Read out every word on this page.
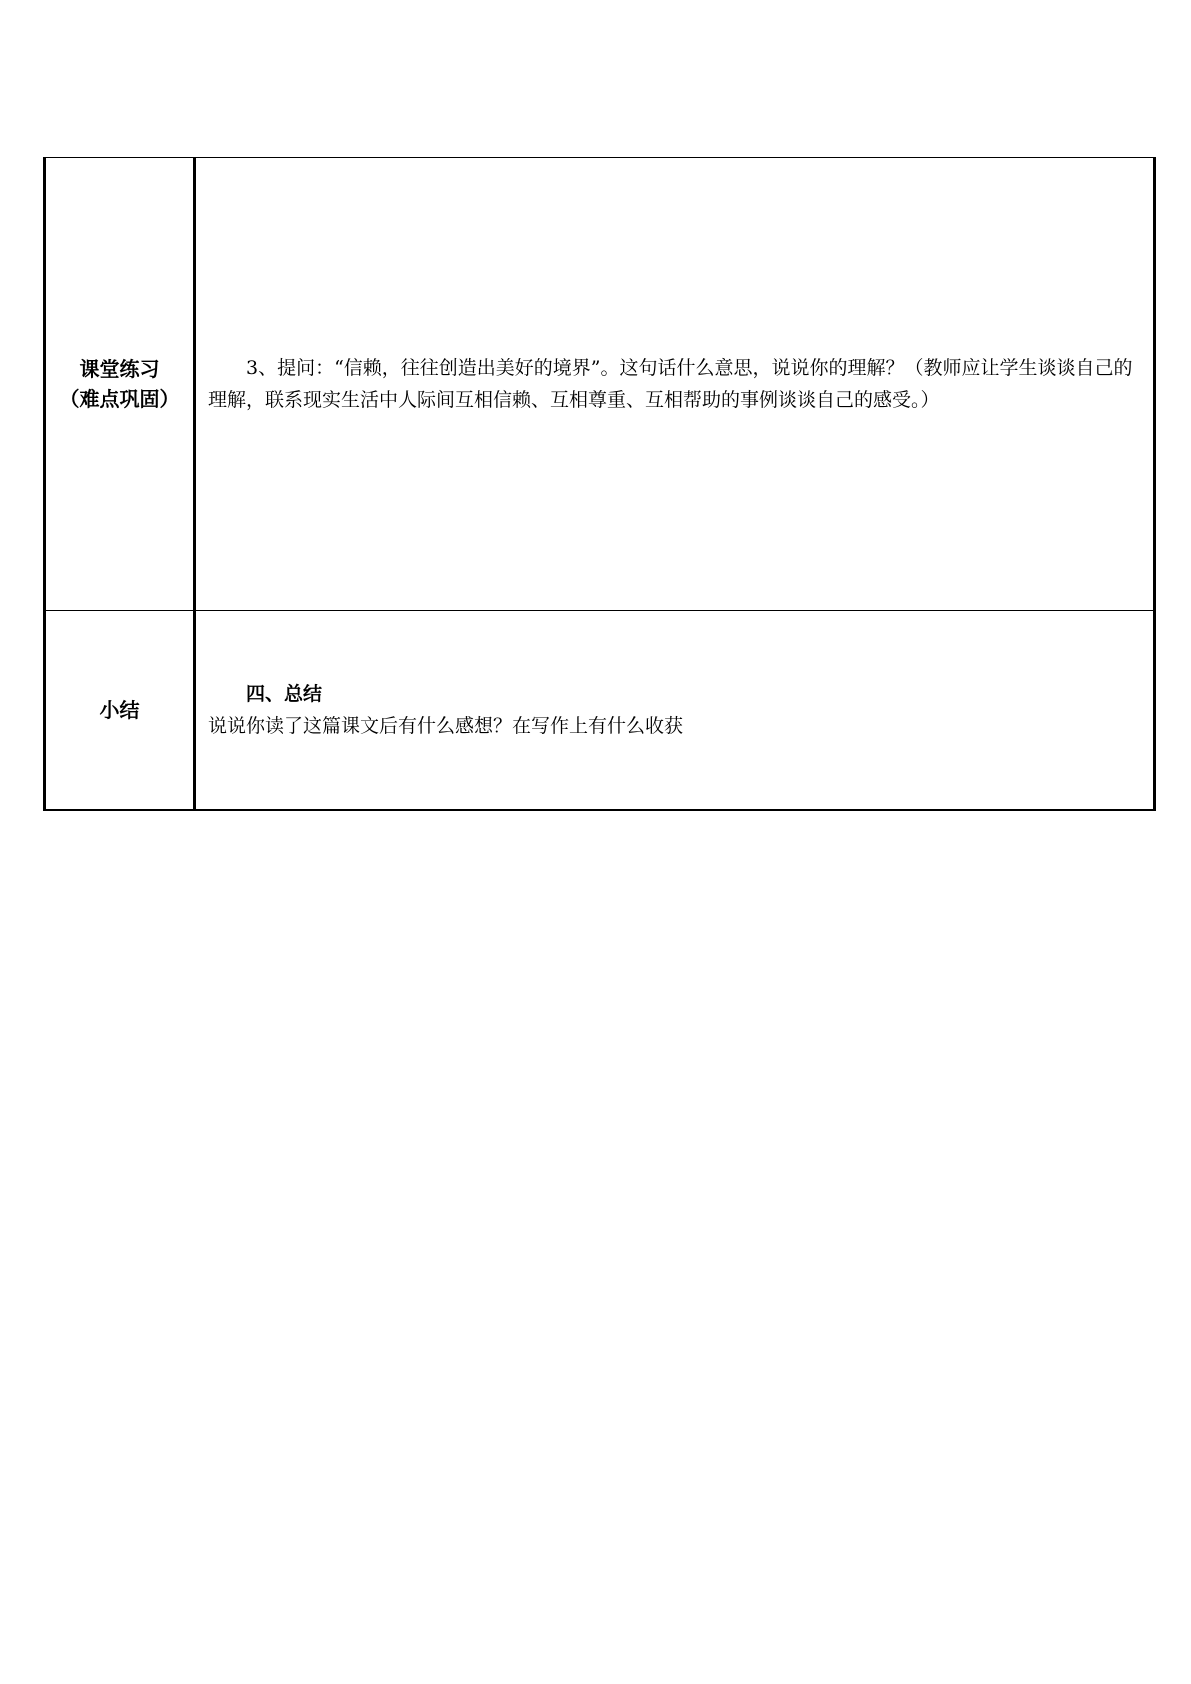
课堂练习
（难点巩固）	3、提问：“信赖，往往创造出美好的境界”。这句话什么意思，说说你的理解？（教师应让学生谈谈自己的理解，联系现实生活中人际间互相信赖、互相尊重、互相帮助的事例谈谈自己的感受。）

小结	四、总结

说说你读了这篇课文后有什么感想？在写作上有什么收获
